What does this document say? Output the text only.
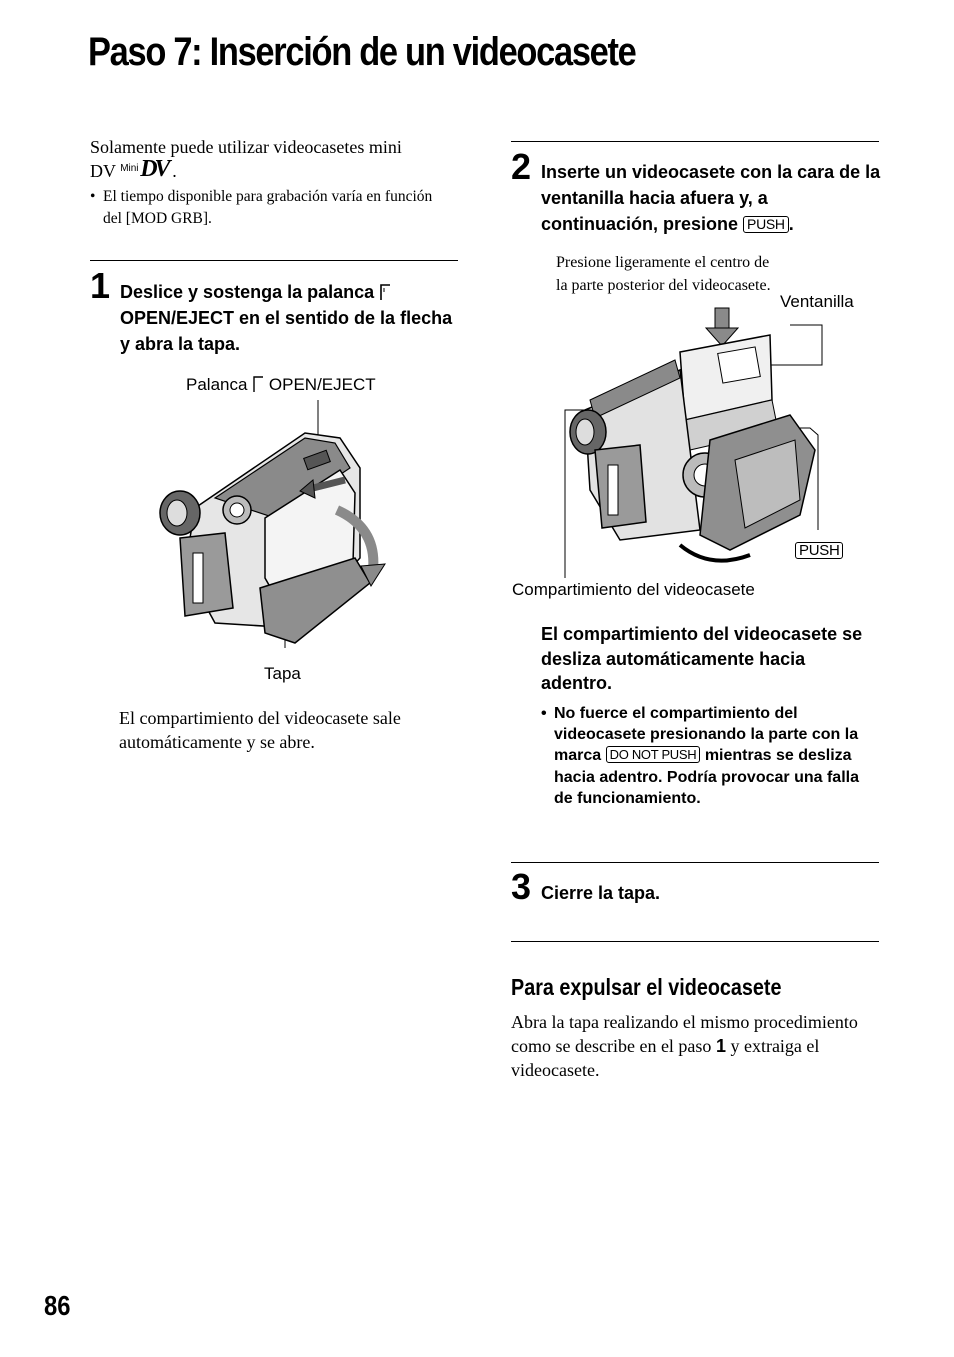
Paso 7: Inserción de un videocasete
Solamente puede utilizar videocasetes mini
DV Mini DV .
• El tiempo disponible para grabación varía en función del [MOD GRB].
1 Deslice y sostenga la palanca
OPEN/EJECT en el sentido de la flecha y abra la tapa.
Palanca OPEN/EJECT
Tapa
El compartimiento del videocasete sale automáticamente y se abre.
2 Inserte un videocasete con la cara de la ventanilla hacia afuera y, a continuación, presione PUSH .
Presione ligeramente el centro de la parte posterior del videocasete.
Ventanilla
PUSH
Compartimiento del videocasete
El compartimiento del videocasete se desliza automáticamente hacia adentro.
• No fuerce el compartimiento del videocasete presionando la parte con la marca DO NOT PUSH mientras se desliza hacia adentro. Podría provocar una falla de funcionamiento.
3 Cierre la tapa.
Para expulsar el videocasete
Abra la tapa realizando el mismo procedimiento como se describe en el paso 1 y extraiga el videocasete.
86
